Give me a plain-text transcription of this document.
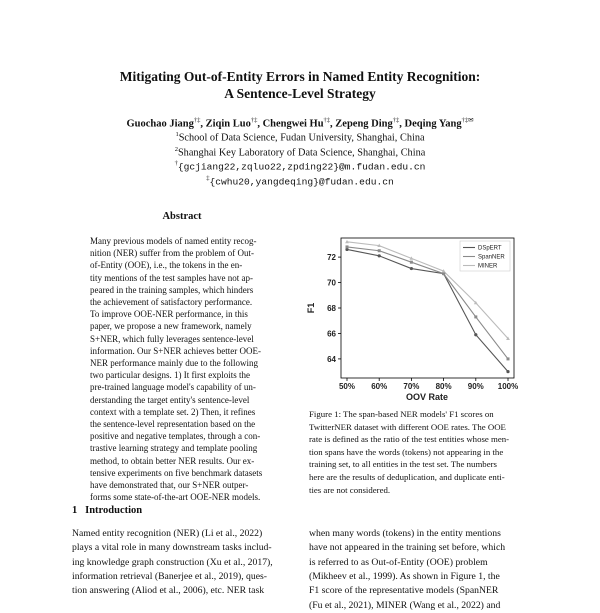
Mitigating Out-of-Entity Errors in Named Entity Recognition:
A Sentence-Level Strategy
Guochao Jiang†‡, Ziqin Luo†‡, Chengwei Hu†‡, Zepeng Ding†‡, Deqing Yang†‡✉
$^1$School of Data Science, Fudan University, Shanghai, China
$^2$Shanghai Key Laboratory of Data Science, Shanghai, China
†{gcjiang22,zqluo22,zpding22}@m.fudan.edu.cn
‡{cwhu20,yangdeqing}@fudan.edu.cn
Abstract
Many previous models of named entity recog-
nition (NER) suffer from the problem of Out-
of-Entity (OOE), i.e., the tokens in the en-
tity mentions of the test samples have not ap-
peared in the training samples, which hinders
the achievement of satisfactory performance.
To improve OOE-NER performance, in this
paper, we propose a new framework, namely
S+NER, which fully leverages sentence-level
information. Our S+NER achieves better OOE-
NER performance mainly due to the following
two particular designs. 1) It first exploits the
pre-trained language model's capability of un-
derstanding the target entity's sentence-level
context with a template set. 2) Then, it refines
the sentence-level representation based on the
positive and negative templates, through a con-
trastive learning strategy and template pooling
method, to obtain better NER results. Our ex-
tensive experiments on five benchmark datasets
have demonstrated that, our S+NER outper-
forms some state-of-the-art OOE-NER models.
64
66
68
70
72
50% 60% 70% 80% 90% 100%
DSpERT
SpanNER
MINER
F1
OOV Rate
Figure 1: The span-based NER models' F1 scores on
TwitterNER dataset with different OOE rates. The OOE
rate is defined as the ratio of the test entities whose men-
tion spans have the words (tokens) not appearing in the
training set, to all entities in the test set. The numbers
here are the results of deduplication, and duplicate enti-
ties are not considered.
1 Introduction
Named entity recognition (NER) (Li et al., 2022)
plays a vital role in many downstream tasks includ-
ing knowledge graph construction (Xu et al., 2017),
information retrieval (Banerjee et al., 2019), ques-
tion answering (Aliod et al., 2006), etc. NER task
when many words (tokens) in the entity mentions
have not appeared in the training set before, which
is referred to as Out-of-Entity (OOE) problem
(Mikheev et al., 1999). As shown in Figure 1, the
F1 score of the representative models (SpanNER
(Fu et al., 2021), MINER (Wang et al., 2022) and
